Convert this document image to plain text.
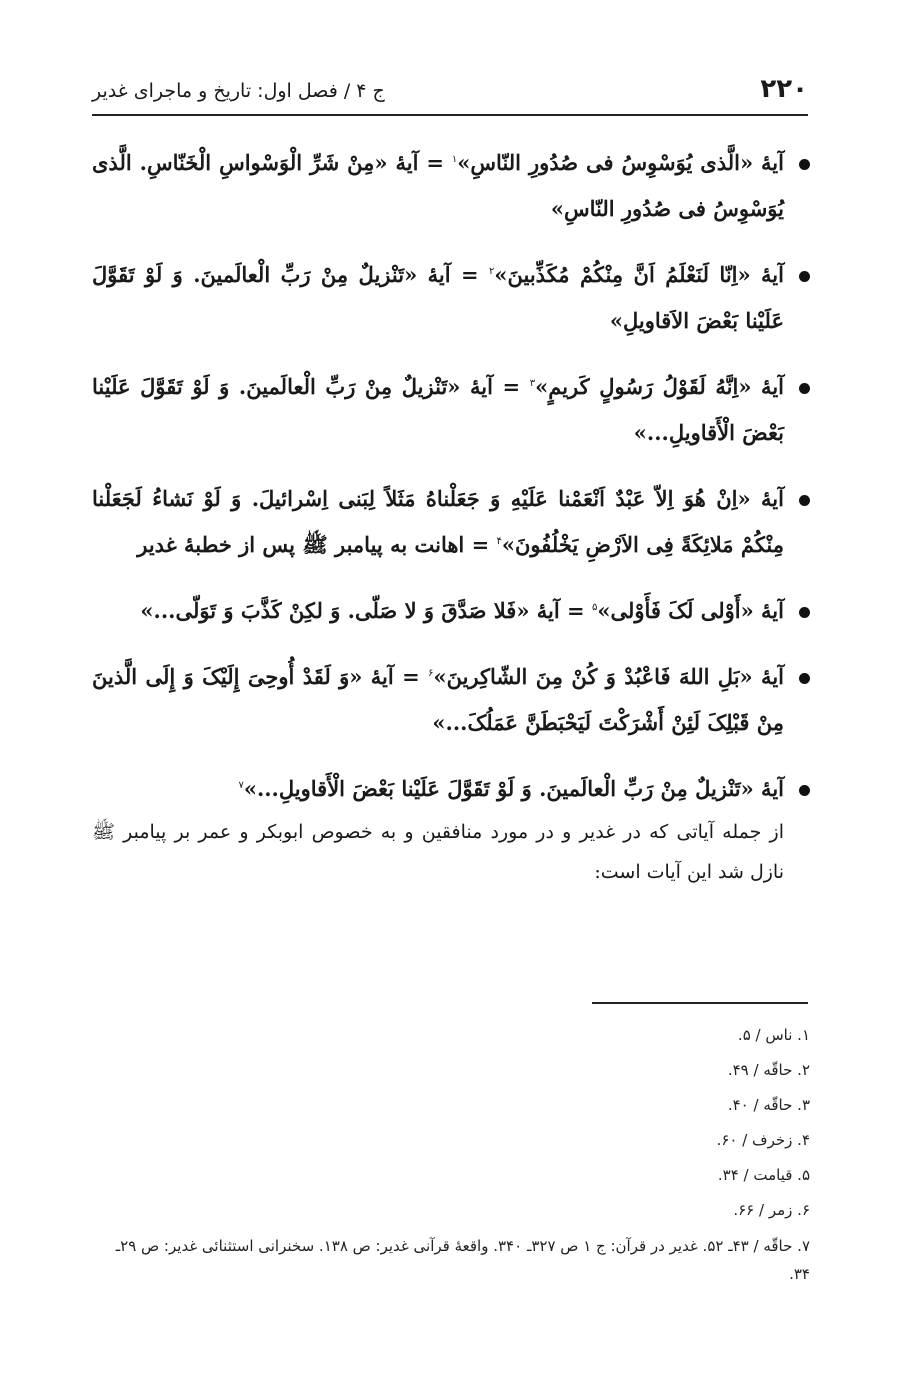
۲۲۰
ج ۴ / فصل اول: تاریخ و ماجرای غدیر

آیهٔ «الَّذی یُوَسْوِسُ فی صُدُورِ النّاسِ»$^۱$ = آیهٔ «مِنْ شَرِّ الْوَسْواسِ الْخَنّاسِ. الَّذی یُوَسْوِسُ فی صُدُورِ النّاسِ»

آیهٔ «اِنّا لَنَعْلَمُ اَنَّ مِنْکُمْ مُکَذِّبینَ»$^۲$ = آیهٔ «تَنْزیلٌ مِنْ رَبِّ الْعالَمینَ. وَ لَوْ تَقَوَّلَ عَلَیْنا بَعْضَ الاَقاویلِ»

آیهٔ «اِنَّهُ لَقَوْلُ رَسُولٍ کَریمٍ»$^۳$ = آیهٔ «تَنْزیلٌ مِنْ رَبِّ الْعالَمینَ. وَ لَوْ تَقَوَّلَ عَلَیْنا بَعْضَ الْأَقاویلِ...»

آیهٔ «اِنْ هُوَ اِلاّ عَبْدٌ اَنْعَمْنا عَلَیْهِ وَ جَعَلْناهُ مَثَلاً لِبَنی اِسْرائیلَ. وَ لَوْ نَشاءُ لَجَعَلْنا مِنْکُمْ مَلائِکَةً فِی الاَرْضِ یَخْلُفُونَ»$^۴$ = اهانت به پیامبر ﷺ پس از خطبهٔ غدیر

آیهٔ «أَوْلی لَکَ فَأَوْلی»$^۵$ = آیهٔ «فَلا صَدَّقَ وَ لا صَلّی. وَ لکِنْ کَذَّبَ وَ تَوَلّی...»

آیهٔ «بَلِ اللهَ فَاعْبُدْ وَ کُنْ مِنَ الشّاکِرینَ»$^۶$ = آیهٔ «وَ لَقَدْ أُوحِیَ إِلَیْکَ وَ إِلَی الَّذینَ مِنْ قَبْلِکَ لَئِنْ أَشْرَکْتَ لَیَحْبَطَنَّ عَمَلُکَ...»

آیهٔ «تَنْزیلٌ مِنْ رَبِّ الْعالَمینَ. وَ لَوْ تَقَوَّلَ عَلَیْنا بَعْضَ الْأَقاویلِ...»$^۷$

از جمله آیاتی که در غدیر و در مورد منافقین و به خصوص ابوبکر و عمر بر پیامبر ﷺ نازل شد این آیات است:

۱. ناس / ۵.

۲. حاقّه / ۴۹.

۳. حاقّه / ۴۰.

۴. زخرف / ۶۰.

۵. قیامت / ۳۴.

۶. زمر / ۶۶.

۷. حاقّه / ۴۳ـ ۵۲. غدیر در قرآن: ج ۱ ص ۳۲۷ـ ۳۴۰. واقعهٔ قرآنی غدیر: ص ۱۳۸. سخنرانی استثنائی غدیر: ص ۲۹ـ ۳۴.
